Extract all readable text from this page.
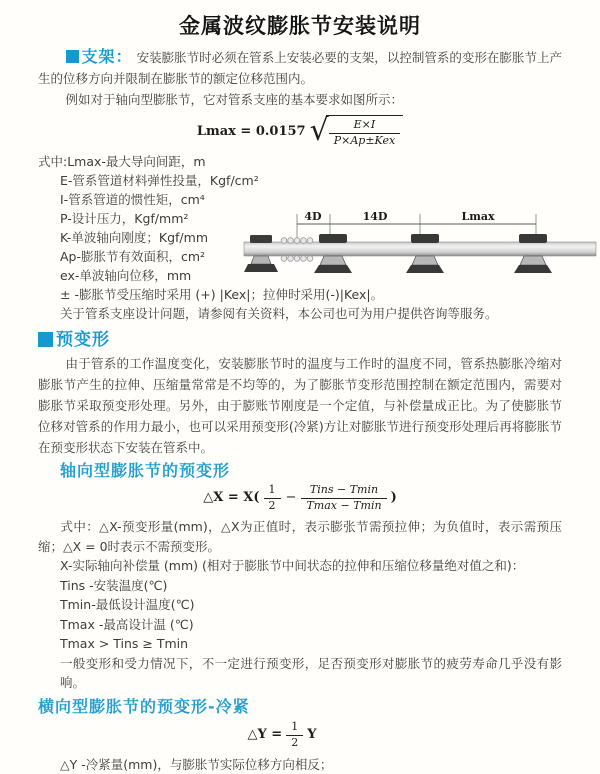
金属波纹膨胀节安装说明

支架： 安装膨胀节时必须在管系上安装必要的支架，以控制管系的变形在膨胀节上产生的位移方向并限制在膨胀节的额定位移范围内。

例如对于轴向型膨胀节，它对管系支座的基本要求如图所示：

Lmax = 0.0157 √ $\frac{E\times I}{\text{P×Ap±Kex}}$
式中:Lmax-最大导向间距，m
E-管系管道材料弹性投量，Kgf/cm²
I-管系管道的惯性矩，cm⁴
P-设计压力，Kgf/mm²
K-单波轴向刚度；Kgf/mm
Ap-膨胀节有效面积，cm²
ex-单波轴向位移，mm
± -膨胀节受压缩时采用 (+) |Kex|；拉伸时采用(-)|Kex|。
关于管系支座设计问题，请参阅有关资料，本公司也可为用户提供咨询等服务。
预变形

由于管系的工作温度变化，安装膨胀节时的温度与工作时的温度不同，管系热膨胀冷缩对膨胀节产生的拉伸、压缩量常常是不均等的，为了膨胀节变形范围控制在额定范围内，需要对膨胀节采取预变形处理。另外，由于膨账节刚度是一个定值，与补偿量成正比。为了使膨胀节位移对管系的作用力最小，也可以采用预变形(冷紧)方让对膨胀节进行预变形处理后再将膨胀节在预变形状态下安装在管系中。

轴向型膨胀节的预变形
△X = $X( \frac{1}{2} - \frac{\text{Tins − Tmin}}{Tmax - Tmin}$ )
式中：△X-预变形量(mm)，△X为正值时，表示膨张节需预拉伸；为负值时，表示需预压缩；△X = 0时表示不需预变形。
X-实际轴向补偿量 (mm) (相对于膨胀节中间状态的拉伸和压缩位移量绝对值之和)：
Tins -安装温度(℃)
Tmin-最低设计温度(℃)
Tmax -最高设计温 (℃)
Tmax > Tins ≥ Tmin
一般变形和受力情况下，不一定进行预变形，足否预变形对膨胀节的疲劳寿命几乎没有影响。
横向型膨胀节的预变形-冷紧
△Y = $\frac{1}{2}$ Y
△Y -冷紧量(mm)，与膨胀节实际位移方向相反；
4D	14D	Lmax
